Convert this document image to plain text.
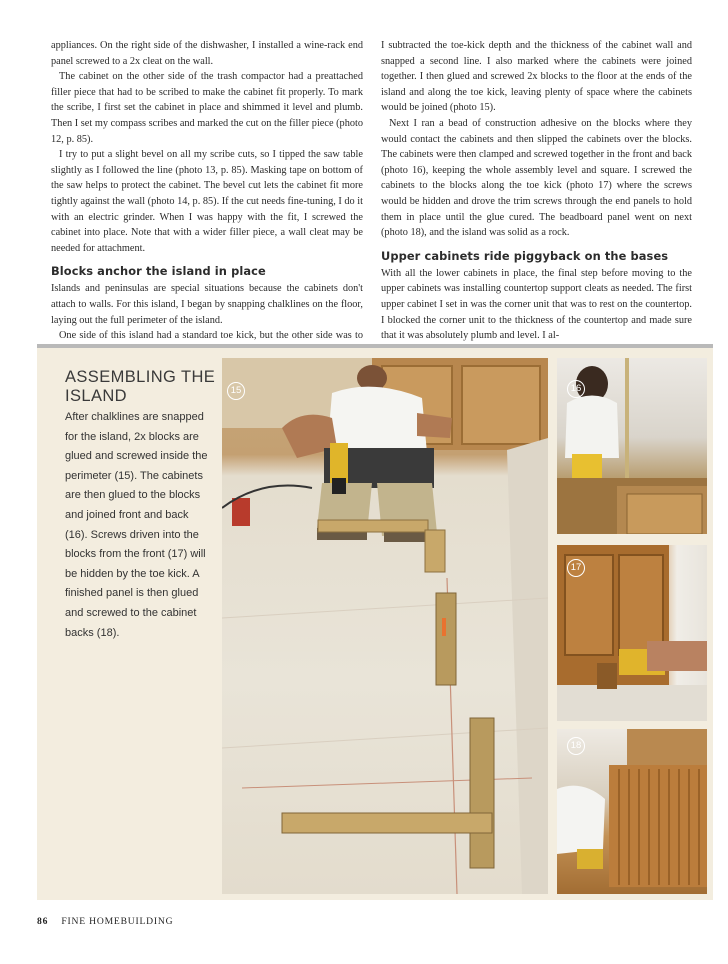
appliances. On the right side of the dishwasher, I installed a wine-rack end panel screwed to a 2x cleat on the wall.

The cabinet on the other side of the trash compactor had a preattached filler piece that had to be scribed to make the cabinet fit properly. To mark the scribe, I first set the cabinet in place and shimmed it level and plumb. Then I set my compass scribes and marked the cut on the filler piece (photo 12, p. 85).

I try to put a slight bevel on all my scribe cuts, so I tipped the saw table slightly as I followed the line (photo 13, p. 85). Masking tape on bottom of the saw helps to protect the cabinet. The bevel cut lets the cabinet fit more tightly against the wall (photo 14, p. 85). If the cut needs fine-tuning, I do it with an electric grinder. When I was happy with the fit, I screwed the cabinet into place. Note that with a wider filler piece, a wall cleat may be needed for attachment.

Blocks anchor the island in place

Islands and peninsulas are special situations because the cabinets don't attach to walls. For this island, I began by snapping chalklines on the floor, laying out the full perimeter of the island.

One side of this island had a standard toe kick, but the other side was to

I subtracted the toe-kick depth and the thickness of the cabinet wall and snapped a second line. I also marked where the cabinets were joined together. I then glued and screwed 2x blocks to the floor at the ends of the island and along the toe kick, leaving plenty of space where the cabinets would be joined (photo 15).

Next I ran a bead of construction adhesive on the blocks where they would contact the cabinets and then slipped the cabinets over the blocks. The cabinets were then clamped and screwed together in the front and back (photo 16), keeping the whole assembly level and square. I screwed the cabinets to the blocks along the toe kick (photo 17) where the screws would be hidden and drove the trim screws through the end panels to hold them in place until the glue cured. The beadboard panel went on next (photo 18), and the island was solid as a rock.

Upper cabinets ride piggyback on the bases

With all the lower cabinets in place, the final step before moving to the upper cabinets was installing countertop support cleats as needed. The first upper cabinet I set in was the corner unit that was to rest on the countertop. I blocked the corner unit to the thickness of the countertop and made sure that it was absolutely plumb and level. I al-

ASSEMBLING THE
ISLAND
After chalklines are snapped for the island, 2x blocks are glued and screwed inside the perimeter (15). The cabinets are then glued to the blocks and joined front and back (16). Screws driven into the blocks from the front (17) will be hidden by the toe kick. A finished panel is then glued and screwed to the cabinet backs (18).
15	16
17
18
86 FINE HOMEBUILDING
